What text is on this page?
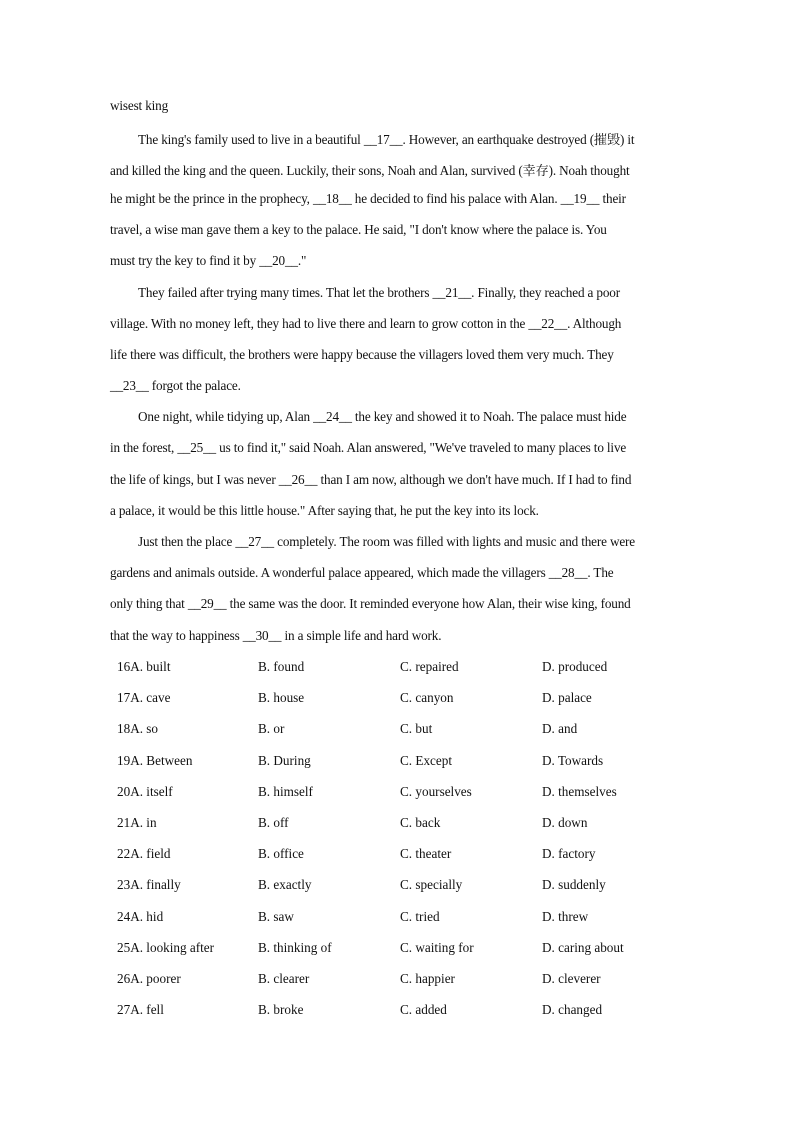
wisest king
The king's family used to live in a beautiful __17__. However, an earthquake destroyed (摧毁) it
and killed the king and the queen. Luckily, their sons, Noah and Alan, survived (幸存). Noah thought
he might be the prince in the prophecy, __18__ he decided to find his palace with Alan. __19__ their
travel, a wise man gave them a key to the palace. He said, "I don't know where the palace is. You
must try the key to find it by __20__."
They failed after trying many times. That let the brothers __21__. Finally, they reached a poor
village. With no money left, they had to live there and learn to grow cotton in the __22__. Although
life there was difficult, the brothers were happy because the villagers loved them very much. They
__23__ forgot the palace.
One night, while tidying up, Alan __24__ the key and showed it to Noah. The palace must hide
in the forest, __25__ us to find it," said Noah. Alan answered, "We've traveled to many places to live
the life of kings, but I was never __26__ than I am now, although we don't have much. If I had to find
a palace, it would be this little house." After saying that, he put the key into its lock.
Just then the place __27__ completely. The room was filled with lights and music and there were
gardens and animals outside. A wonderful palace appeared, which made the villagers __28__. The
only thing that __29__ the same was the door. It reminded everyone how Alan, their wise king, found
that the way to happiness __30__ in a simple life and hard work.
16A. built	B. found	C. repaired	D. produced
17A. cave	B. house	C. canyon	D. palace
18A. so	B. or	C. but	D. and
19A. Between	B. During	C. Except	D. Towards
20A. itself	B. himself	C. yourselves	D. themselves
21A. in	B. off	C. back	D. down
22A. field	B. office	C. theater	D. factory
23A. finally	B. exactly	C. specially	D. suddenly
24A. hid	B. saw	C. tried	D. threw
25A. looking after	B. thinking of	C. waiting for	D. caring about
26A. poorer	B. clearer	C. happier	D. cleverer
27A. fell	B. broke	C. added	D. changed
